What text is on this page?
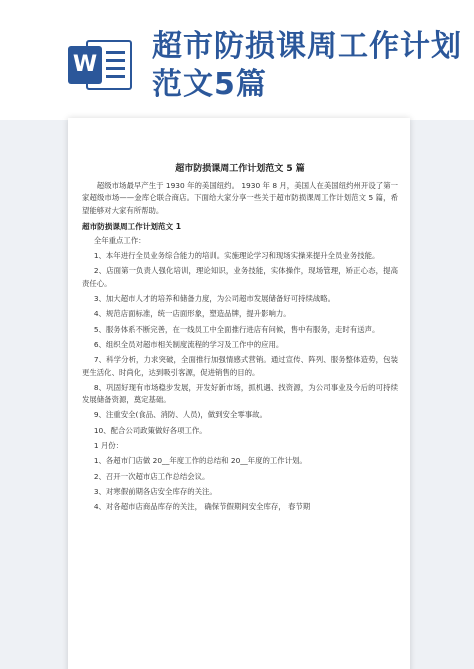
W
超市防损课周工作计划范文5篇
超市防损课周工作计划范文 5 篇

超级市场最早产生于 1930 年的美国纽约。 1930 年 8 月，美国人在美国纽约州开设了第一家超级市场——金库仑联合商店。下面给大家分享一些关于超市防损课周工作计划范文 5 篇，希望能够对大家有所帮助。

超市防损课周工作计划范文 1

全年重点工作：

1、本年进行全员业务综合能力的培训。实施理论学习和现场实操来提升全员业务技能。

2、店面第一负责人强化培训，理论知识，业务技能，实体操作，现场管理，矫正心态，提高责任心。

3、加大超市人才的培养和储备力度，为公司超市发展储备好可持续战略。

4、规范店面标准，统一店面形象，塑造品牌，提升影响力。

5、服务体系不断完善，在一线员工中全面推行进店有问候，售中有服务，走时有送声。

6、组织全员对超市相关制度流程的学习及工作中的应用。

7、科学分析，力求突破，全面推行加强情感式营销。通过宣传、阵列、服务整体造势，包装更生活化、时尚化，达到吸引客源，促进销售的目的。

8、巩固好现有市场稳步发展，开发好新市场，抓机遇、找资源，为公司事业及今后的可持续发展储备资源，奠定基础。

9、注重安全(食品、消防、人员)，做到安全零事故。

10、配合公司政策做好各项工作。

1 月份：

1、各超市门店做 20__年度工作的总结和 20__年度的工作计划。

2、召开一次超市店工作总结会议。

3、对寒假前期各店安全库存的关注。

4、对各超市店商品库存的关注， 确保节假期间安全库存， 春节期
